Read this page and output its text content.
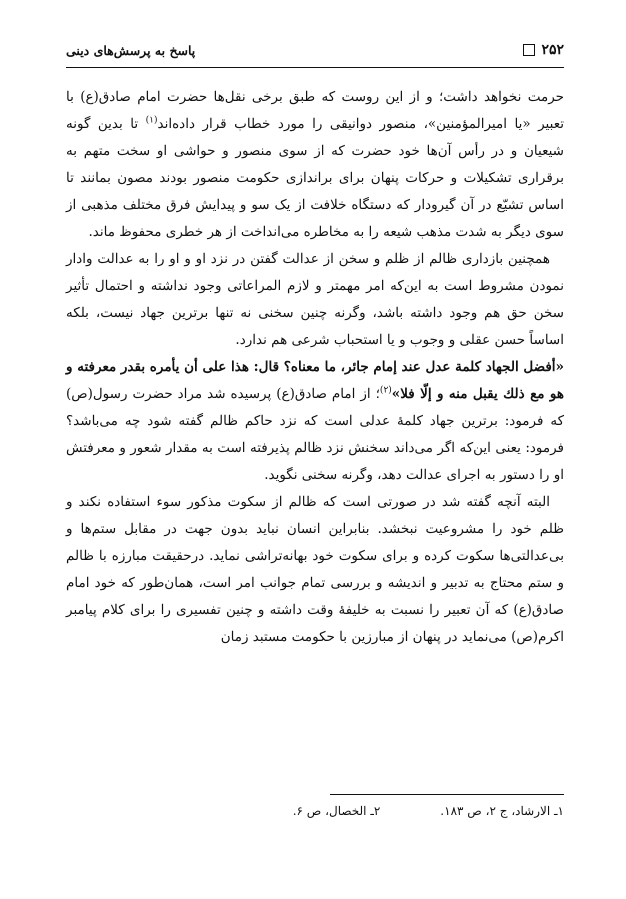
۲۵۲
پاسخ به پرسش‌های دینی

حرمت نخواهد داشت؛ و از این روست که طبق برخی نقل‌ها حضرت امام صادق(ع) با تعبیر «یا امیرالمؤمنین»، منصور دوانیقی را مورد خطاب قرار داده‌اند$^{(۱)}$ تا بدین گونه شیعیان و در رأس آن‌ها خود حضرت که از سوی منصور و حواشی او سخت متهم به برقراری تشکیلات و حرکات پنهان برای براندازی حکومت منصور بودند مصون بمانند تا اساس تشیّع در آن گیرودار که دستگاه خلافت از یک سو و پیدایش فرق مختلف مذهبی از سوی دیگر به شدت مذهب شیعه را به مخاطره می‌انداخت از هر خطری محفوظ ماند.

همچنین بازداری ظالم از ظلم و سخن از عدالت گفتن در نزد او و او را به عدالت وادار نمودن مشروط است به این‌که امر مهمتر و لازم المراعاتی وجود نداشته و احتمال تأثیر سخن حق هم وجود داشته باشد، وگرنه چنین سخنی نه تنها برترین جهاد نیست، بلکه اساساً حسن عقلی و وجوب و یا استحباب شرعی هم ندارد.

«أفضل الجهاد کلمة عدل عند إمام جائر، ما معناه؟ قال: هذا علی أن یأمره بقدر معرفته و هو مع ذلك یقبل منه و إلّا فلا»$^{(۲)}$؛ از امام صادق(ع) پرسیده شد مراد حضرت رسول(ص) که فرمود: برترین جهاد کلمهٔ عدلی است که نزد حاکم ظالم گفته شود چه می‌باشد؟ فرمود: یعنی این‌که اگر می‌داند سخنش نزد ظالم پذیرفته است به مقدار شعور و معرفتش او را دستور به اجرای عدالت دهد، وگرنه سخنی نگوید.

البته آنچه گفته شد در صورتی است که ظالم از سکوت مذکور سوء استفاده نکند و ظلم خود را مشروعیت نبخشد. بنابراین انسان نباید بدون جهت در مقابل ستم‌ها و بی‌عدالتی‌ها سکوت کرده و برای سکوت خود بهانه‌تراشی نماید. درحقیقت مبارزه با ظالم و ستم محتاج به تدبیر و اندیشه و بررسی تمام جوانب امر است، همان‌طور که خود امام صادق(ع) که آن تعبیر را نسبت به خلیفهٔ وقت داشته و چنین تفسیری را برای کلام پیامبر اکرم(ص) می‌نماید در پنهان از مبارزین با حکومت مستبد زمان

۱ـ الارشاد، ج ۲، ص ۱۸۳.
۲ـ الخصال، ص ۶.
